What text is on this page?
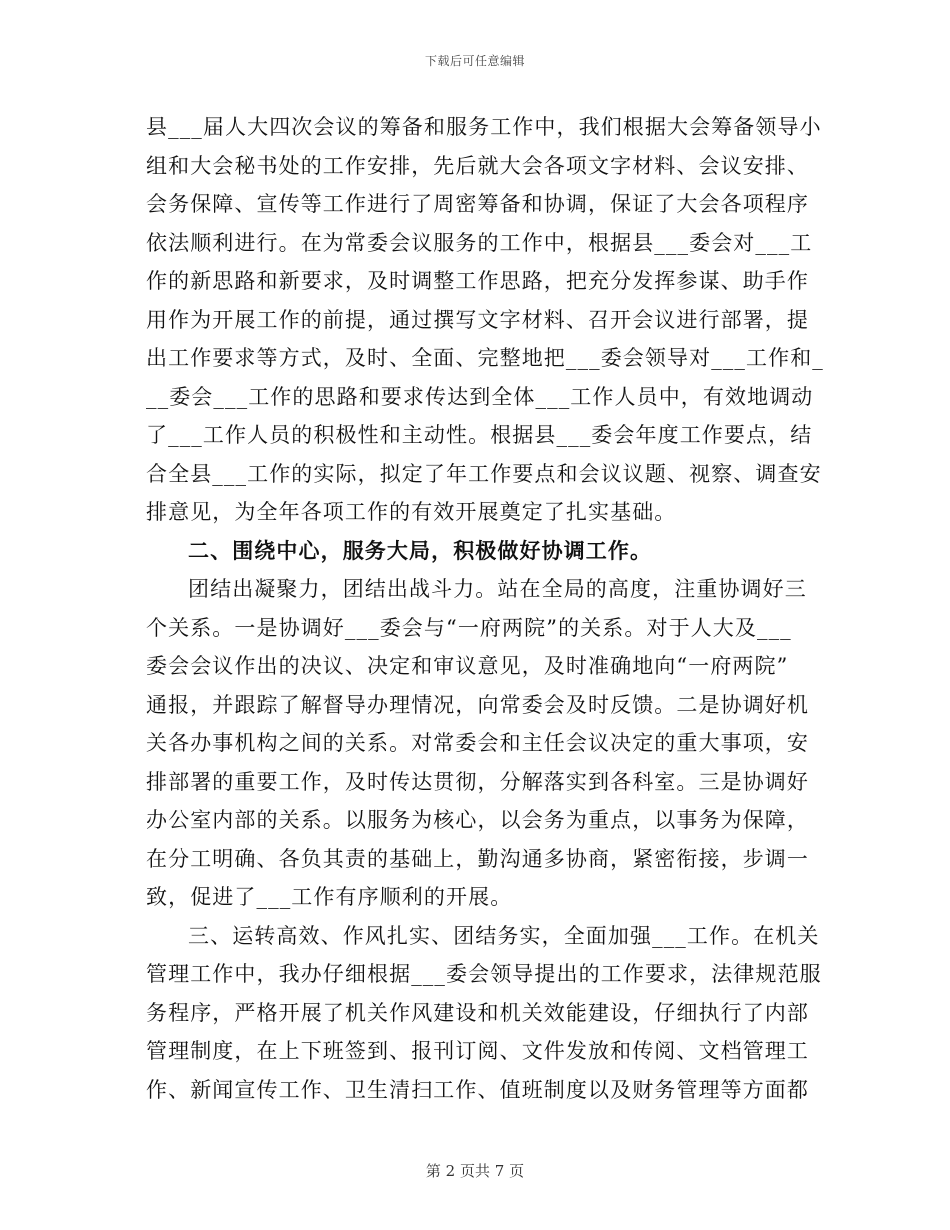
下载后可任意编辑
县___届人大四次会议的筹备和服务工作中，我们根据大会筹备领导小
组和大会秘书处的工作安排，先后就大会各项文字材料、会议安排、
会务保障、宣传等工作进行了周密筹备和协调，保证了大会各项程序
依法顺利进行。在为常委会议服务的工作中，根据县___委会对___工
作的新思路和新要求，及时调整工作思路，把充分发挥参谋、助手作
用作为开展工作的前提，通过撰写文字材料、召开会议进行部署，提
出工作要求等方式，及时、全面、完整地把___委会领导对___工作和_
__委会___工作的思路和要求传达到全体___工作人员中，有效地调动
了___工作人员的积极性和主动性。根据县___委会年度工作要点，结
合全县___工作的实际，拟定了年工作要点和会议议题、视察、调查安
排意见，为全年各项工作的有效开展奠定了扎实基础。
二、围绕中心，服务大局，积极做好协调工作。
团结出凝聚力，团结出战斗力。站在全局的高度，注重协调好三
个关系。一是协调好___委会与“一府两院”的关系。对于人大及___
委会会议作出的决议、决定和审议意见，及时准确地向“一府两院”
通报，并跟踪了解督导办理情况，向常委会及时反馈。二是协调好机
关各办事机构之间的关系。对常委会和主任会议决定的重大事项，安
排部署的重要工作，及时传达贯彻，分解落实到各科室。三是协调好
办公室内部的关系。以服务为核心，以会务为重点，以事务为保障，
在分工明确、各负其责的基础上，勤沟通多协商，紧密衔接，步调一
致，促进了___工作有序顺利的开展。
三、运转高效、作风扎实、团结务实，全面加强___工作。在机关
管理工作中，我办仔细根据___委会领导提出的工作要求，法律规范服
务程序，严格开展了机关作风建设和机关效能建设，仔细执行了内部
管理制度，在上下班签到、报刊订阅、文件发放和传阅、文档管理工
作、新闻宣传工作、卫生清扫工作、值班制度以及财务管理等方面都
第 2 页共 7 页
